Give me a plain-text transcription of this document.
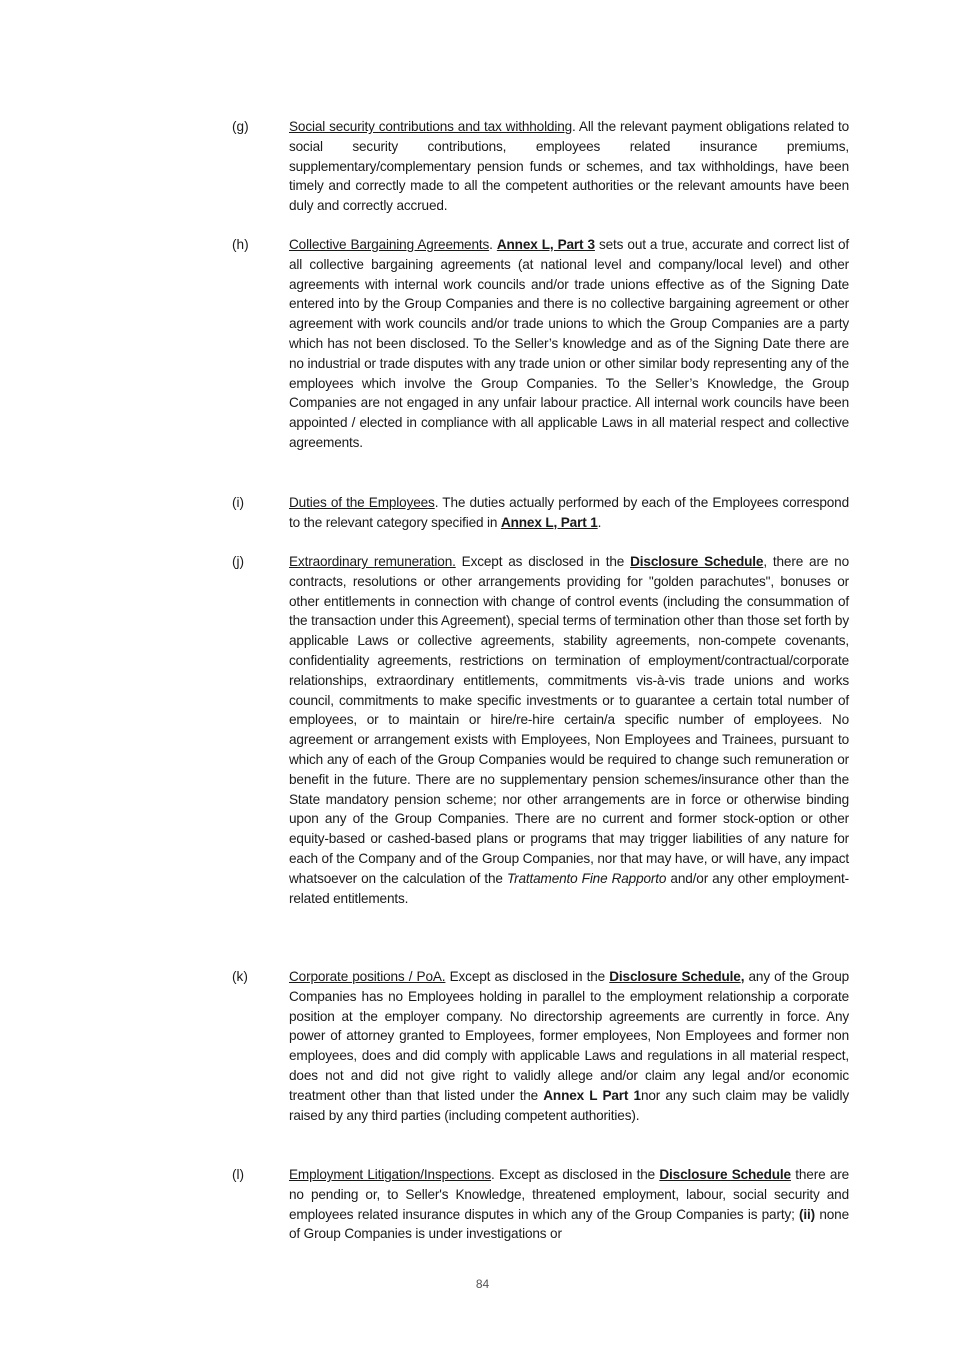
(g)	Social security contributions and tax withholding. All the relevant payment obligations related to social security contributions, employees related insurance premiums, supplementary/complementary pension funds or schemes, and tax withholdings, have been timely and correctly made to all the competent authorities or the relevant amounts have been duly and correctly accrued.
(h)	Collective Bargaining Agreements. Annex L, Part 3 sets out a true, accurate and correct list of all collective bargaining agreements (at national level and company/local level) and other agreements with internal work councils and/or trade unions effective as of the Signing Date entered into by the Group Companies and there is no collective bargaining agreement or other agreement with work councils and/or trade unions to which the Group Companies are a party which has not been disclosed. To the Seller’s knowledge and as of the Signing Date there are no industrial or trade disputes with any trade union or other similar body representing any of the employees which involve the Group Companies. To the Seller’s Knowledge, the Group Companies are not engaged in any unfair labour practice. All internal work councils have been appointed / elected in compliance with all applicable Laws in all material respect and collective agreements.
(i)	Duties of the Employees. The duties actually performed by each of the Employees correspond to the relevant category specified in Annex L, Part 1.
(j)	Extraordinary remuneration. Except as disclosed in the Disclosure Schedule, there are no contracts, resolutions or other arrangements providing for "golden parachutes", bonuses or other entitlements in connection with change of control events (including the consummation of the transaction under this Agreement), special terms of termination other than those set forth by applicable Laws or collective agreements, stability agreements, non-compete covenants, confidentiality agreements, restrictions on termination of employment/contractual/corporate relationships, extraordinary entitlements, commitments vis-à-vis trade unions and works council, commitments to make specific investments or to guarantee a certain total number of employees, or to maintain or hire/re-hire certain/a specific number of employees. No agreement or arrangement exists with Employees, Non Employees and Trainees, pursuant to which any of each of the Group Companies would be required to change such remuneration or benefit in the future. There are no supplementary pension schemes/insurance other than the State mandatory pension scheme; nor other arrangements are in force or otherwise binding upon any of the Group Companies. There are no current and former stock-option or other equity-based or cashed-based plans or programs that may trigger liabilities of any nature for each of the Company and of the Group Companies, nor that may have, or will have, any impact whatsoever on the calculation of the Trattamento Fine Rapporto and/or any other employment-related entitlements.
(k)	Corporate positions / PoA. Except as disclosed in the Disclosure Schedule, any of the Group Companies has no Employees holding in parallel to the employment relationship a corporate position at the employer company. No directorship agreements are currently in force. Any power of attorney granted to Employees, former employees, Non Employees and former non employees, does and did comply with applicable Laws and regulations in all material respect, does not and did not give right to validly allege and/or claim any legal and/or economic treatment other than that listed under the Annex L Part 1nor any such claim may be validly raised by any third parties (including competent authorities).
(l)	Employment Litigation/Inspections. Except as disclosed in the Disclosure Schedule there are no pending or, to Seller's Knowledge, threatened employment, labour, social security and employees related insurance disputes in which any of the Group Companies is party; (ii) none of Group Companies is under investigations or
84
